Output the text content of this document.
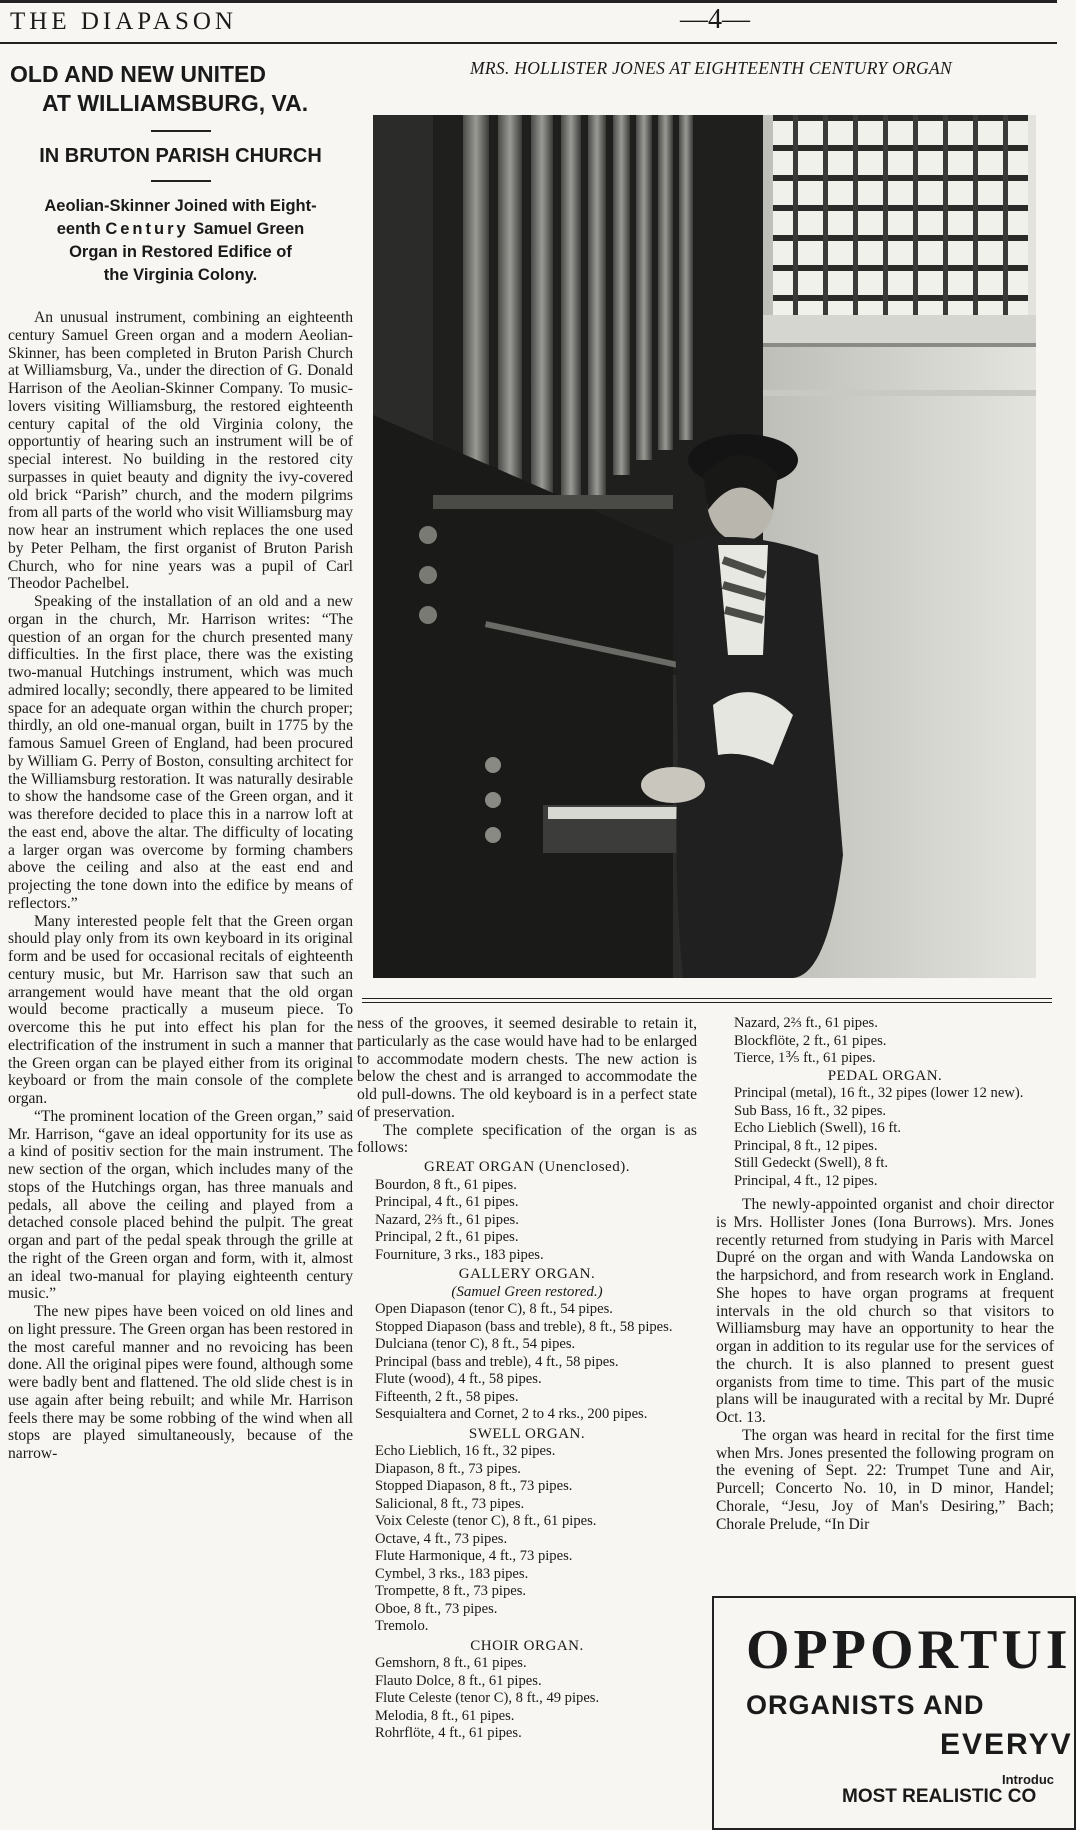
THE DIAPASON	—4—
OLD AND NEW UNITED
AT WILLIAMSBURG, VA.
IN BRUTON PARISH CHURCH
Aeolian-Skinner Joined with Eight-
eenth Century Samuel Green
Organ in Restored Edifice of
the Virginia Colony.

An unusual instrument, combining an eighteenth century Samuel Green organ and a modern Aeolian-Skinner, has been completed in Bruton Parish Church at Williamsburg, Va., under the direction of G. Donald Harrison of the Aeolian-Skinner Company. To music-lovers visiting Williamsburg, the restored eighteenth century capital of the old Virginia colony, the opportuntiy of hearing such an instrument will be of special interest. No building in the restored city surpasses in quiet beauty and dignity the ivy-covered old brick “Parish” church, and the modern pilgrims from all parts of the world who visit Williamsburg may now hear an instrument which replaces the one used by Peter Pelham, the first organist of Bruton Parish Church, who for nine years was a pupil of Carl Theodor Pachelbel.

Speaking of the installation of an old and a new organ in the church, Mr. Harrison writes: “The question of an organ for the church presented many difficulties. In the first place, there was the existing two-manual Hutchings instrument, which was much admired locally; secondly, there appeared to be limited space for an adequate organ within the church proper; thirdly, an old one-manual organ, built in 1775 by the famous Samuel Green of England, had been procured by William G. Perry of Boston, consulting architect for the Williamsburg restoration. It was naturally desirable to show the handsome case of the Green organ, and it was therefore decided to place this in a narrow loft at the east end, above the altar. The difficulty of locating a larger organ was overcome by forming chambers above the ceiling and also at the east end and projecting the tone down into the edifice by means of reflectors.”

Many interested people felt that the Green organ should play only from its own keyboard in its original form and be used for occasional recitals of eighteenth century music, but Mr. Harrison saw that such an arrangement would have meant that the old organ would become practically a museum piece. To overcome this he put into effect his plan for the electrification of the instrument in such a manner that the Green organ can be played either from its original keyboard or from the main console of the complete organ.

“The prominent location of the Green organ,” said Mr. Harrison, “gave an ideal opportunity for its use as a kind of positiv section for the main instrument. The new section of the organ, which includes many of the stops of the Hutchings organ, has three manuals and pedals, all above the ceiling and played from a detached console placed behind the pulpit. The great organ and part of the pedal speak through the grille at the right of the Green organ and form, with it, almost an ideal two-manual for playing eighteenth century music.”

The new pipes have been voiced on old lines and on light pressure. The Green organ has been restored in the most careful manner and no revoicing has been done. All the original pipes were found, although some were badly bent and flattened. The old slide chest is in use again after being rebuilt; and while Mr. Harrison feels there may be some robbing of the wind when all stops are played simultaneously, because of the narrow-

MRS. HOLLISTER JONES AT EIGHTEENTH CENTURY ORGAN

ness of the grooves, it seemed desirable to retain it, particularly as the case would have had to be enlarged to accommodate modern chests. The new action is below the chest and is arranged to accommodate the old pull-downs. The old keyboard is in a perfect state of preservation.

The complete specification of the organ is as follows:

GREAT ORGAN (Unenclosed).

Bourdon, 8 ft., 61 pipes.

Principal, 4 ft., 61 pipes.

Nazard, 2⅔ ft., 61 pipes.

Principal, 2 ft., 61 pipes.

Fourniture, 3 rks., 183 pipes.

GALLERY ORGAN.

(Samuel Green restored.)

Open Diapason (tenor C), 8 ft., 54 pipes.

Stopped Diapason (bass and treble), 8 ft., 58 pipes.

Dulciana (tenor C), 8 ft., 54 pipes.

Principal (bass and treble), 4 ft., 58 pipes.

Flute (wood), 4 ft., 58 pipes.

Fifteenth, 2 ft., 58 pipes.

Sesquialtera and Cornet, 2 to 4 rks., 200 pipes.

SWELL ORGAN.

Echo Lieblich, 16 ft., 32 pipes.

Diapason, 8 ft., 73 pipes.

Stopped Diapason, 8 ft., 73 pipes.

Salicional, 8 ft., 73 pipes.

Voix Celeste (tenor C), 8 ft., 61 pipes.

Octave, 4 ft., 73 pipes.

Flute Harmonique, 4 ft., 73 pipes.

Cymbel, 3 rks., 183 pipes.

Trompette, 8 ft., 73 pipes.

Oboe, 8 ft., 73 pipes.

Tremolo.

CHOIR ORGAN.

Gemshorn, 8 ft., 61 pipes.

Flauto Dolce, 8 ft., 61 pipes.

Flute Celeste (tenor C), 8 ft., 49 pipes.

Melodia, 8 ft., 61 pipes.

Rohrflöte, 4 ft., 61 pipes.

Nazard, 2⅔ ft., 61 pipes.

Blockflöte, 2 ft., 61 pipes.

Tierce, 1⅗ ft., 61 pipes.

PEDAL ORGAN.

Principal (metal), 16 ft., 32 pipes (lower 12 new).

Sub Bass, 16 ft., 32 pipes.

Echo Lieblich (Swell), 16 ft.

Principal, 8 ft., 12 pipes.

Still Gedeckt (Swell), 8 ft.

Principal, 4 ft., 12 pipes.

The newly-appointed organist and choir director is Mrs. Hollister Jones (Iona Burrows). Mrs. Jones recently returned from studying in Paris with Marcel Dupré on the organ and with Wanda Landowska on the harpsichord, and from research work in England. She hopes to have organ programs at frequent intervals in the old church so that visitors to Williamsburg may have an opportunity to hear the organ in addition to its regular use for the services of the church. It is also planned to present guest organists from time to time. This part of the music plans will be inaugurated with a recital by Mr. Dupré Oct. 13.

The organ was heard in recital for the first time when Mrs. Jones presented the following program on the evening of Sept. 22: Trumpet Tune and Air, Purcell; Concerto No. 10, in D minor, Handel; Chorale, “Jesu, Joy of Man's Desiring,” Bach; Chorale Prelude, “In Dir

OPPORTUI
ORGANISTS AND
EVERYV
Introduc
MOST REALISTIC CO
